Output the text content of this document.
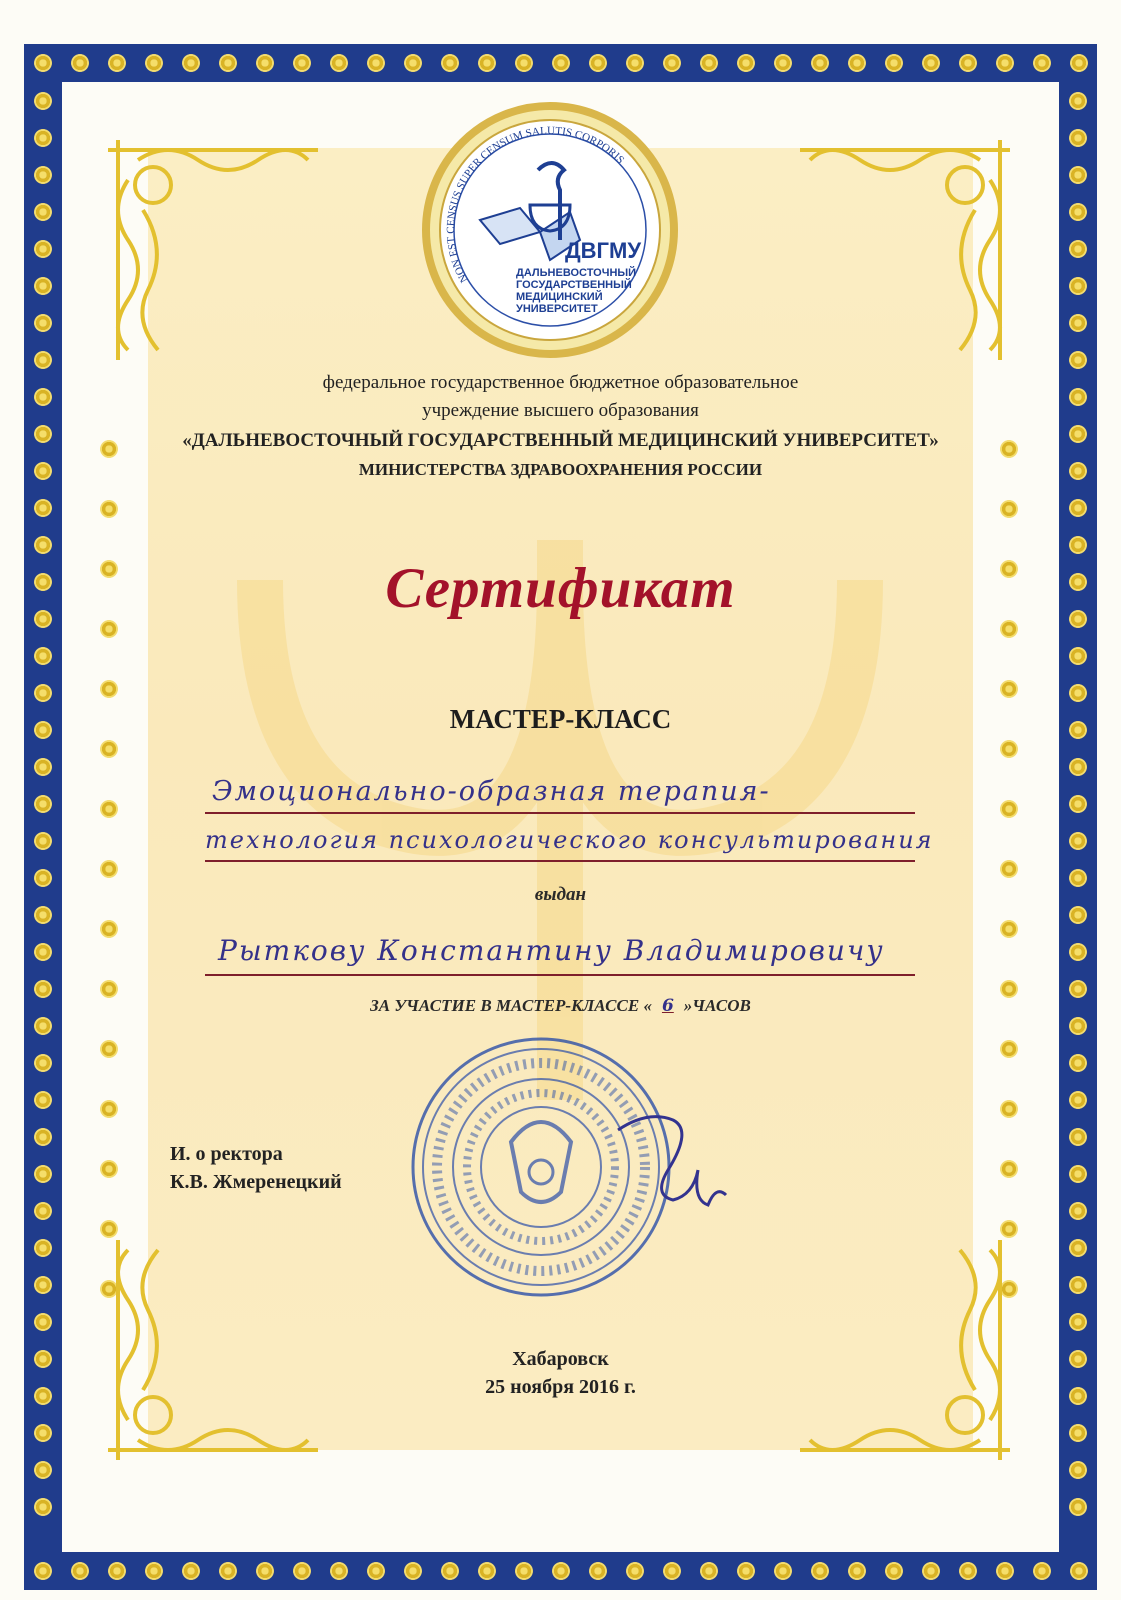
ДВГМУ
ДАЛЬНЕВОСТОЧНЫЙ
ГОСУДАРСТВЕННЫЙ
МЕДИЦИНСКИЙ
УНИВЕРСИТЕТ
NON EST CENSUS SUPER CENSUM SALUTIS CORPORIS
федеральное государственное бюджетное образовательное
учреждение высшего образования
«ДАЛЬНЕВОСТОЧНЫЙ ГОСУДАРСТВЕННЫЙ МЕДИЦИНСКИЙ УНИВЕРСИТЕТ»
МИНИСТЕРСТВА ЗДРАВООХРАНЕНИЯ РОССИИ
Сертификат
МАСТЕР-КЛАСС
Эмоционально-образная терапия-
технология психологического консультирования
выдан
Рыткову Константину Владимировичу
ЗА УЧАСТИЕ В МАСТЕР-КЛАССЕ « 6 »ЧАСОВ
И. о ректора
К.В. Жмеренецкий
Хабаровск
25 ноября 2016 г.
